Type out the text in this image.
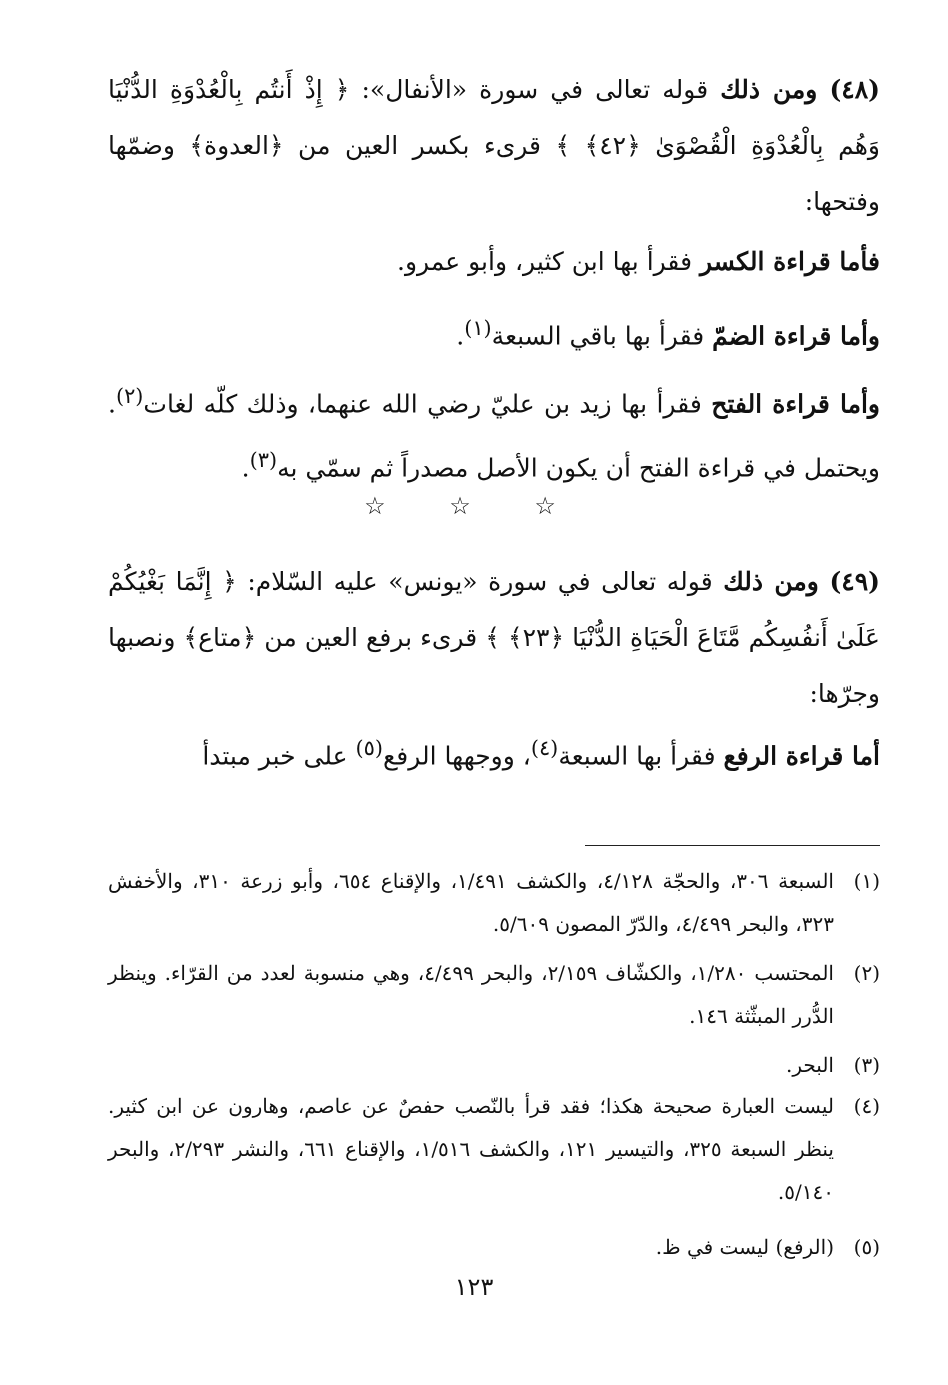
(٤٨) ومن ذلك قوله تعالى في سورة «الأنفال»: ﴿ إِذْ أَنتُم بِالْعُدْوَةِ الدُّنْيَا وَهُم بِالْعُدْوَةِ الْقُصْوَىٰ ﴿٤٢﴾ ﴾ قرىء بكسر العين من ﴿العدوة﴾ وضمّها وفتحها:

فأما قراءة الكسر فقرأ بها ابن كثير، وأبو عمرو.

وأما قراءة الضمّ فقرأ بها باقي السبعة$^{(١)}$.

وأما قراءة الفتح فقرأ بها زيد بن عليّ رضي الله عنهما، وذلك كلّه لغات$^{(٢)}$. ويحتمل في قراءة الفتح أن يكون الأصل مصدراً ثم سمّي به$^{(٣)}$.

☆ ☆ ☆

(٤٩) ومن ذلك قوله تعالى في سورة «يونس» عليه السّلام: ﴿ إِنَّمَا بَغْيُكُمْ عَلَىٰ أَنفُسِكُم مَّتَاعَ الْحَيَاةِ الدُّنْيَا ﴿٢٣﴾ ﴾ قرىء برفع العين من ﴿متاع﴾ ونصبها وجرّها:

أما قراءة الرفع فقرأ بها السبعة$^{(٤)}$، ووجهها الرفع$^{(٥)}$ على خبر مبتدأ

(١)
السبعة ٣٠٦، والحجّة ٤/١٢٨، والكشف ١/٤٩١، والإقناع ٦٥٤، وأبو زرعة ٣١٠، والأخفش ٣٢٣، والبحر ٤/٤٩٩، والدّرّ المصون ٥/٦٠٩.
(٢)
المحتسب ١/٢٨٠، والكشّاف ٢/١٥٩، والبحر ٤/٤٩٩، وهي منسوبة لعدد من القرّاء. وينظر الدُّرر المبثّثة ١٤٦.
(٣)
البحر.
(٤)
ليست العبارة صحيحة هكذا؛ فقد قرأ بالنّصب حفصٌ عن عاصم، وهارون عن ابن كثير. ينظر السبعة ٣٢٥، والتيسير ١٢١، والكشف ١/٥١٦، والإقناع ٦٦١، والنشر ٢/٢٩٣، والبحر ٥/١٤٠.
(٥)
(الرفع) ليست في ظ.
١٢٣
